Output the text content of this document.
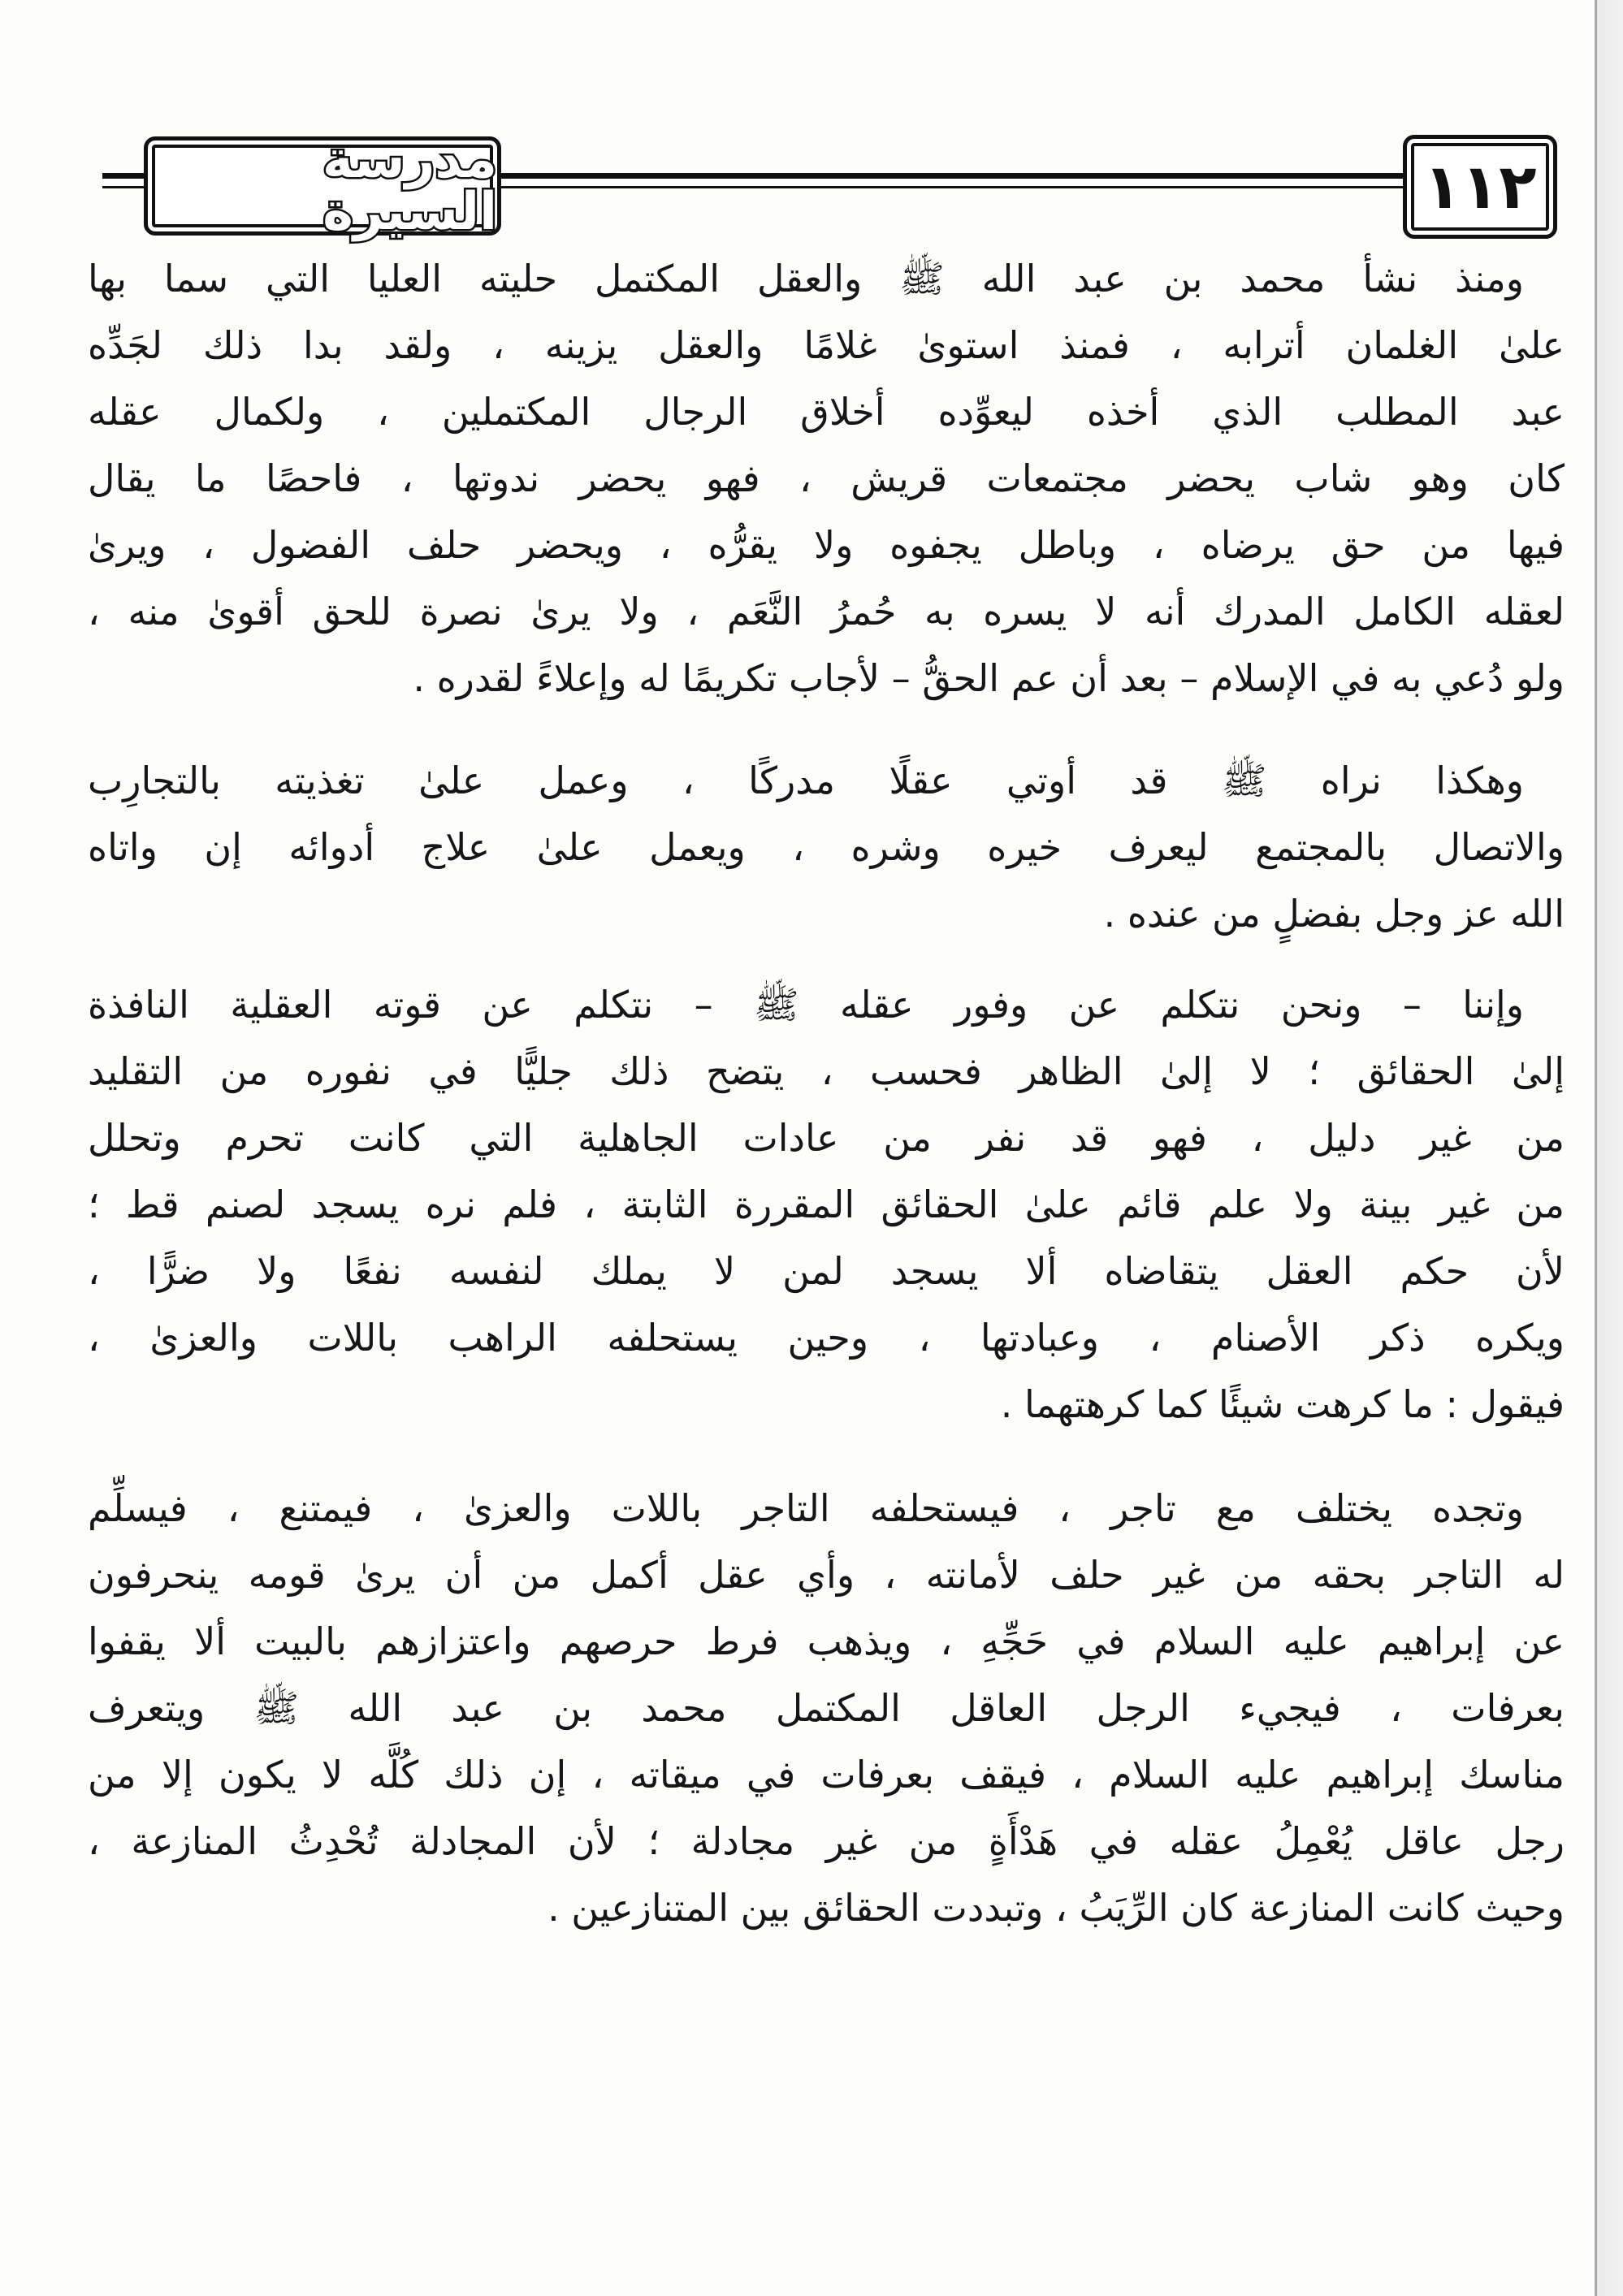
مدرسة السيرة	١١٢
ومنذ نشأ محمد بن عبد الله ﷺ والعقل المكتمل حليته العليا التي سما بها
علىٰ الغلمان أترابه ، فمنذ استوىٰ غلامًا والعقل يزينه ، ولقد بدا ذلك لجَدِّه
عبد المطلب الذي أخذه ليعوِّده أخلاق الرجال المكتملين ، ولكمال عقله
كان وهو شاب يحضر مجتمعات قريش ، فهو يحضر ندوتها ، فاحصًا ما يقال
فيها من حق يرضاه ، وباطل يجفوه ولا يقرُّه ، ويحضر حلف الفضول ، ويرىٰ
لعقله الكامل المدرك أنه لا يسره به حُمرُ النَّعَم ، ولا يرىٰ نصرة للحق أقوىٰ منه ،
ولو دُعي به في الإسلام – بعد أن عم الحقُّ – لأجاب تكريمًا له وإعلاءً لقدره .
وهكذا نراه ﷺ قد أوتي عقلًا مدركًا ، وعمل علىٰ تغذيته بالتجارِب
والاتصال بالمجتمع ليعرف خيره وشره ، ويعمل علىٰ علاج أدوائه إن واتاه
الله عز وجل بفضلٍ من عنده .
وإننا – ونحن نتكلم عن وفور عقله ﷺ – نتكلم عن قوته العقلية النافذة
إلىٰ الحقائق ؛ لا إلىٰ الظاهر فحسب ، يتضح ذلك جليًّا في نفوره من التقليد
من غير دليل ، فهو قد نفر من عادات الجاهلية التي كانت تحرم وتحلل
من غير بينة ولا علم قائم علىٰ الحقائق المقررة الثابتة ، فلم نره يسجد لصنم قط ؛
لأن حكم العقل يتقاضاه ألا يسجد لمن لا يملك لنفسه نفعًا ولا ضرًّا ،
ويكره ذكر الأصنام ، وعبادتها ، وحين يستحلفه الراهب باللات والعزىٰ ،
فيقول : ما كرهت شيئًا كما كرهتهما .
وتجده يختلف مع تاجر ، فيستحلفه التاجر باللات والعزىٰ ، فيمتنع ، فيسلِّم
له التاجر بحقه من غير حلف لأمانته ، وأي عقل أكمل من أن يرىٰ قومه ينحرفون
عن إبراهيم عليه السلام في حَجِّهِ ، ويذهب فرط حرصهم واعتزازهم بالبيت ألا يقفوا
بعرفات ، فيجيء الرجل العاقل المكتمل محمد بن عبد الله ﷺ ويتعرف
مناسك إبراهيم عليه السلام ، فيقف بعرفات في ميقاته ، إن ذلك كُلَّه لا يكون إلا من
رجل عاقل يُعْمِلُ عقله في هَدْأَةٍ من غير مجادلة ؛ لأن المجادلة تُحْدِثُ المنازعة ،
وحيث كانت المنازعة كان الرِّيَبُ ، وتبددت الحقائق بين المتنازعين .
